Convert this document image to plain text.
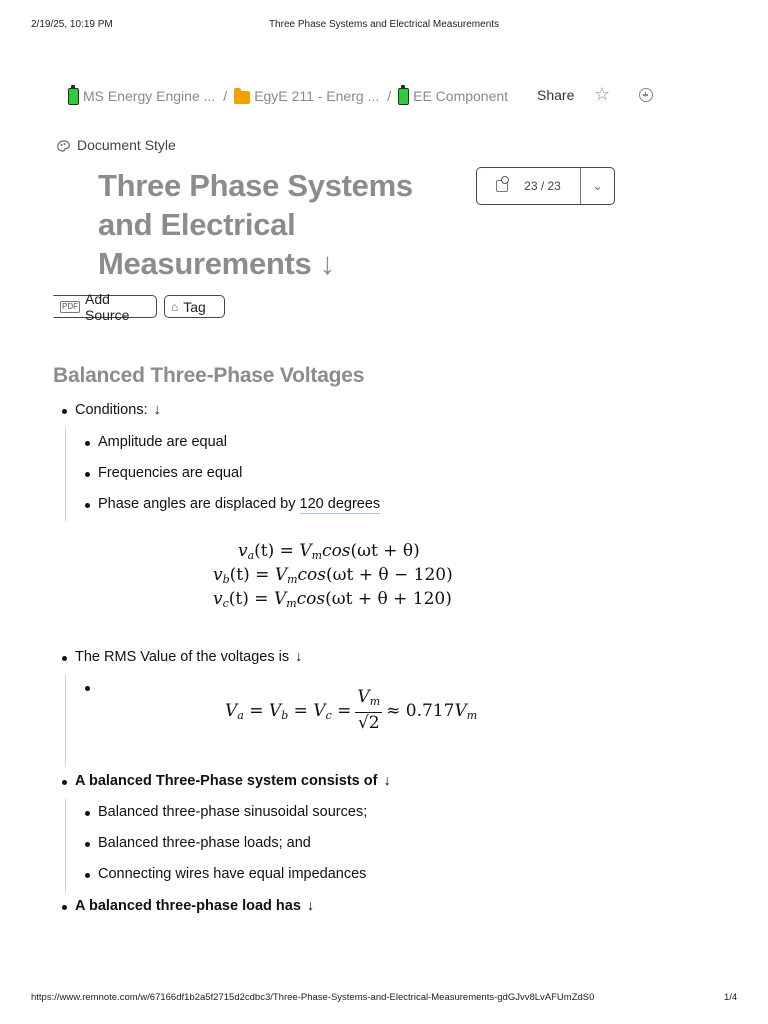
2/19/25, 10:19 PM	Three Phase Systems and Electrical Measurements
MS Energy Engine ... / EgyE 211 - Energ ... / EE Component Share ☆
Document Style
Three Phase Systems and Electrical Measurements ↓
23 / 23	⌄
PDF Add Source	⌂ Tag
Balanced Three-Phase Voltages
Conditions: ↓
Amplitude are equal
Frequencies are equal
Phase angles are displaced by 120 degrees
$v_a(t) = V_m\cos(\omega t + \theta)$
$v_b(t) = V_m\cos(\omega t + \theta - 120)$
$v_c(t) = V_m\cos(\omega t + \theta + 120)$
The RMS Value of the voltages is ↓
$V_a = V_b = V_c = \frac{V_m}{√2} \approx 0.717V_m$
A balanced Three-Phase system consists of ↓
Balanced three-phase sinusoidal sources;
Balanced three-phase loads; and
Connecting wires have equal impedances
A balanced three-phase load has ↓
https://www.remnote.com/w/67166df1b2a5f2715d2cdbc3/Three-Phase-Systems-and-Electrical-Measurements-gdGJvv8LvAFUmZdS0	1/4
